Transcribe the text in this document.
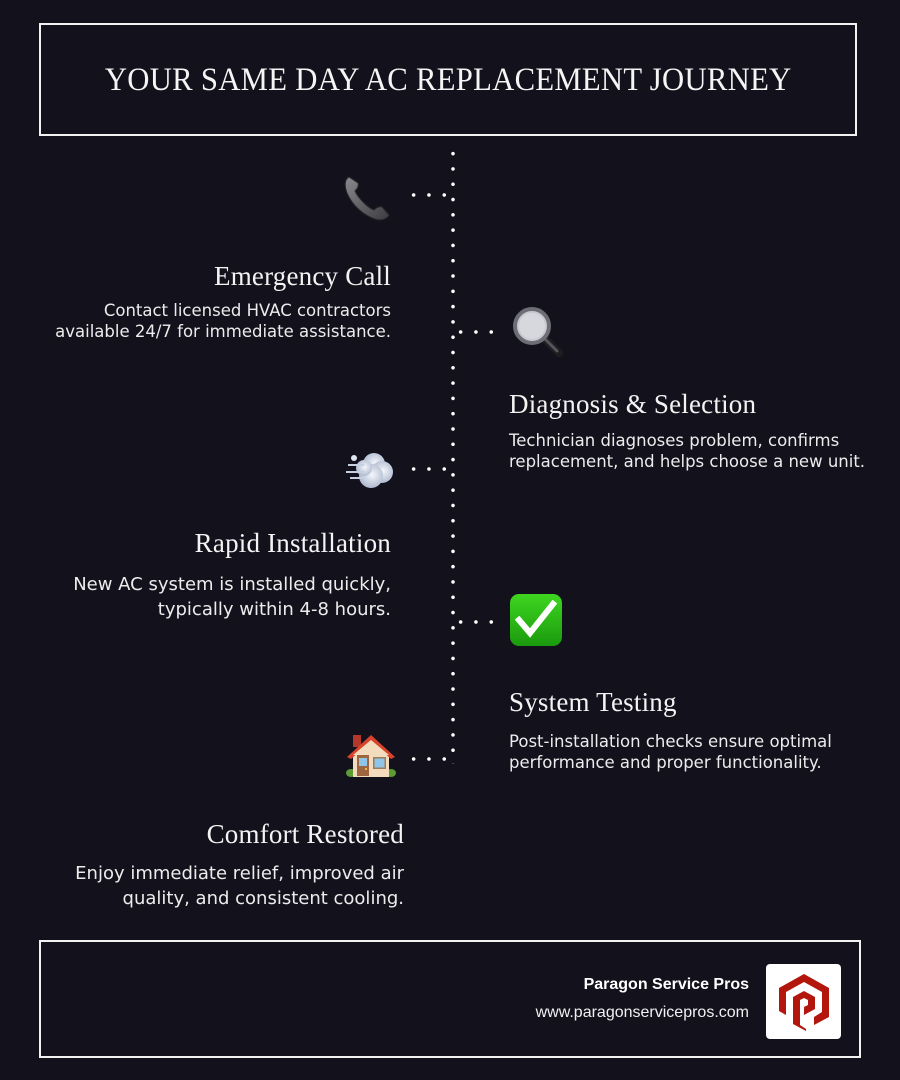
YOUR SAME DAY AC REPLACEMENT JOURNEY
Emergency Call
Contact licensed HVAC contractors
available 24/7 for immediate assistance.
Diagnosis & Selection
Technician diagnoses problem, confirms
replacement, and helps choose a new unit.
Rapid Installation
New AC system is installed quickly,
typically within 4-8 hours.
System Testing
Post-installation checks ensure optimal
performance and proper functionality.
Comfort Restored
Enjoy immediate relief, improved air
quality, and consistent cooling.
Paragon Service Pros
www.paragonservicepros.com
